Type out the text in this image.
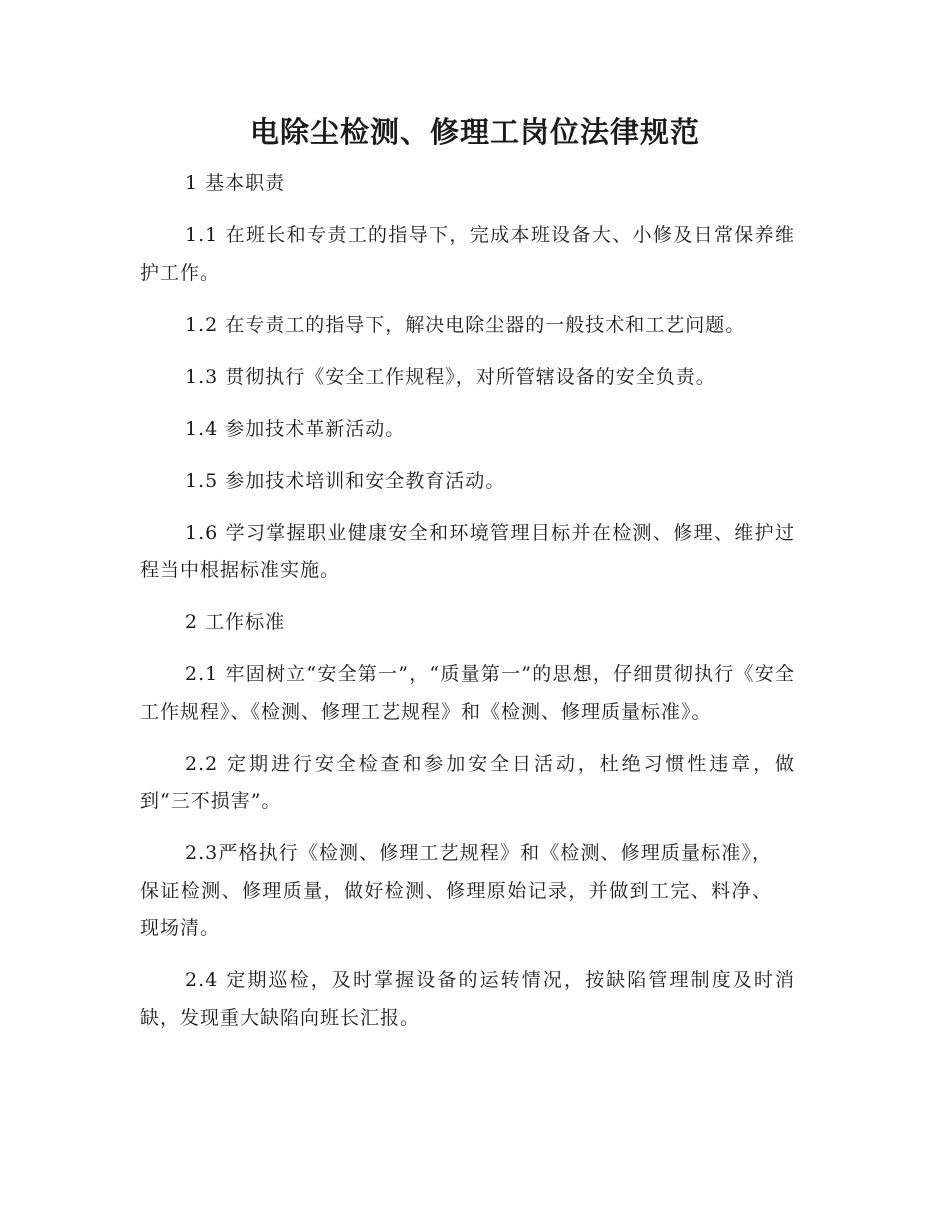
电除尘检测、修理工岗位法律规范

1 基本职责

1.1 在班长和专责工的指导下，完成本班设备大、小修及日常保养维护工作。

1.2 在专责工的指导下，解决电除尘器的一般技术和工艺问题。

1.3 贯彻执行《安全工作规程》，对所管辖设备的安全负责。

1.4 参加技术革新活动。

1.5 参加技术培训和安全教育活动。

1.6 学习掌握职业健康安全和环境管理目标并在检测、修理、维护过程当中根据标准实施。

2 工作标准

2.1 牢固树立“安全第一”，“质量第一”的思想，仔细贯彻执行《安全工作规程》、《检测、修理工艺规程》和《检测、修理质量标准》。

2.2 定期进行安全检查和参加安全日活动，杜绝习惯性违章，做到“三不损害”。

2.3严格执行《检测、修理工艺规程》和《检测、修理质量标准》，保证检测、修理质量，做好检测、修理原始记录，并做到工完、料净、现场清。

2.4 定期巡检，及时掌握设备的运转情况，按缺陷管理制度及时消缺，发现重大缺陷向班长汇报。
